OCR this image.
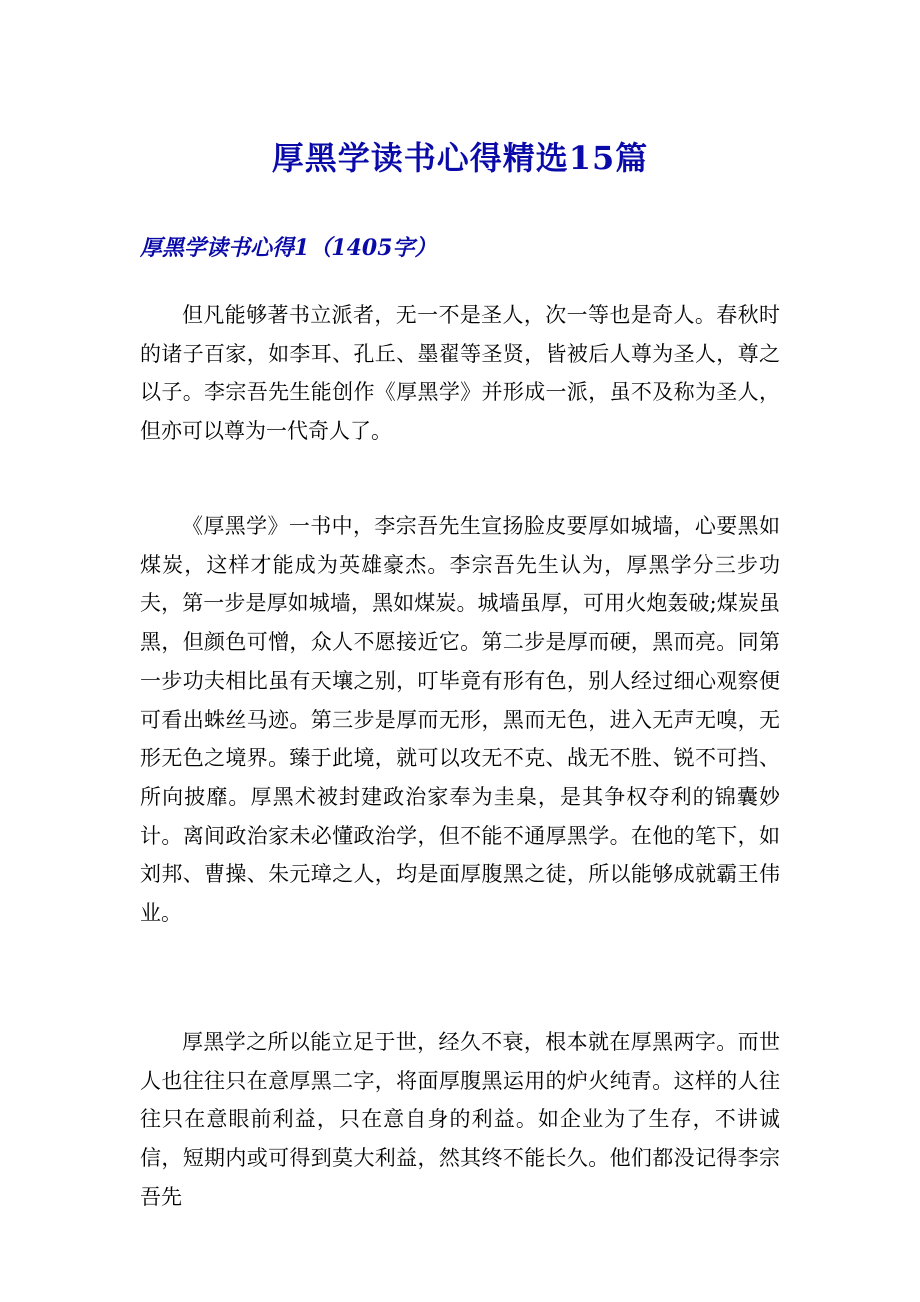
厚黑学读书心得精选15篇
厚黑学读书心得1（1405字）

但凡能够著书立派者，无一不是圣人，次一等也是奇人。春秋时的诸子百家，如李耳、孔丘、墨翟等圣贤，皆被后人尊为圣人，尊之以子。李宗吾先生能创作《厚黑学》并形成一派，虽不及称为圣人，但亦可以尊为一代奇人了。

《厚黑学》一书中，李宗吾先生宣扬脸皮要厚如城墙，心要黑如煤炭，这样才能成为英雄豪杰。李宗吾先生认为，厚黑学分三步功夫，第一步是厚如城墙，黑如煤炭。城墙虽厚，可用火炮轰破;煤炭虽黑，但颜色可憎，众人不愿接近它。第二步是厚而硬，黑而亮。同第一步功夫相比虽有天壤之别，叮毕竟有形有色，别人经过细心观察便可看出蛛丝马迹。第三步是厚而无形，黑而无色，进入无声无嗅，无形无色之境界。臻于此境，就可以攻无不克、战无不胜、锐不可挡、所向披靡。厚黑术被封建政治家奉为圭臬，是其争权夺利的锦囊妙计。离间政治家未必懂政治学，但不能不通厚黑学。在他的笔下，如刘邦、曹操、朱元璋之人，均是面厚腹黑之徒，所以能够成就霸王伟业。

厚黑学之所以能立足于世，经久不衰，根本就在厚黑两字。而世人也往往只在意厚黑二字，将面厚腹黑运用的炉火纯青。这样的人往往只在意眼前利益，只在意自身的利益。如企业为了生存，不讲诚信，短期内或可得到莫大利益，然其终不能长久。他们都没记得李宗吾先
